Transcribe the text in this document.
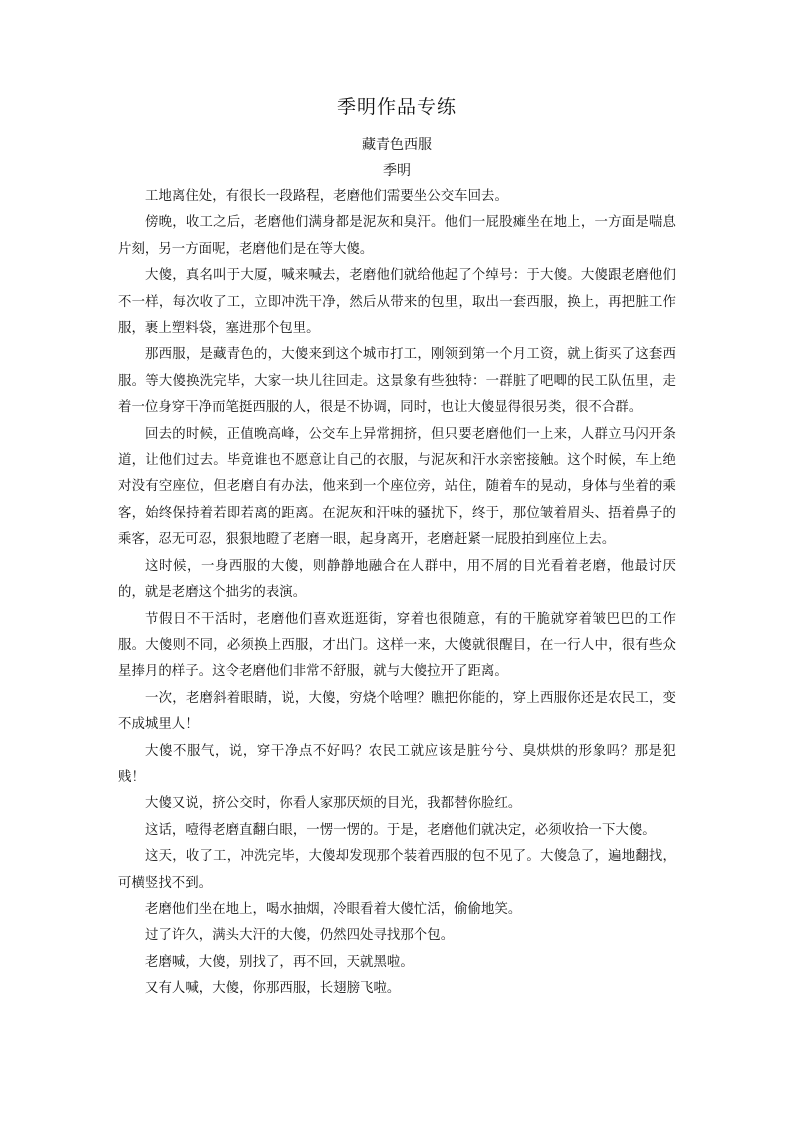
季明作品专练
藏青色西服
季明

工地离住处，有很长一段路程，老磨他们需要坐公交车回去。

傍晚，收工之后，老磨他们满身都是泥灰和臭汗。他们一屁股瘫坐在地上，一方面是喘息片刻，另一方面呢，老磨他们是在等大傻。

大傻，真名叫于大厦，喊来喊去，老磨他们就给他起了个绰号：于大傻。大傻跟老磨他们不一样，每次收了工，立即冲洗干净，然后从带来的包里，取出一套西服，换上，再把脏工作服，裹上塑料袋，塞进那个包里。

那西服，是藏青色的，大傻来到这个城市打工，刚领到第一个月工资，就上街买了这套西服。等大傻换洗完毕，大家一块儿往回走。这景象有些独特：一群脏了吧唧的民工队伍里，走着一位身穿干净而笔挺西服的人，很是不协调，同时，也让大傻显得很另类，很不合群。

回去的时候，正值晚高峰，公交车上异常拥挤，但只要老磨他们一上来，人群立马闪开条道，让他们过去。毕竟谁也不愿意让自己的衣服，与泥灰和汗水亲密接触。这个时候，车上绝对没有空座位，但老磨自有办法，他来到一个座位旁，站住，随着车的晃动，身体与坐着的乘客，始终保持着若即若离的距离。在泥灰和汗味的骚扰下，终于，那位皱着眉头、捂着鼻子的乘客，忍无可忍，狠狠地瞪了老磨一眼，起身离开，老磨赶紧一屁股拍到座位上去。

这时候，一身西服的大傻，则静静地融合在人群中，用不屑的目光看着老磨，他最讨厌的，就是老磨这个拙劣的表演。

节假日不干活时，老磨他们喜欢逛逛街，穿着也很随意，有的干脆就穿着皱巴巴的工作服。大傻则不同，必须换上西服，才出门。这样一来，大傻就很醒目，在一行人中，很有些众星捧月的样子。这令老磨他们非常不舒服，就与大傻拉开了距离。

一次，老磨斜着眼睛，说，大傻，穷烧个啥哩？瞧把你能的，穿上西服你还是农民工，变不成城里人！

大傻不服气，说，穿干净点不好吗？农民工就应该是脏兮兮、臭烘烘的形象吗？那是犯贱！

大傻又说，挤公交时，你看人家那厌烦的目光，我都替你脸红。

这话，噎得老磨直翻白眼，一愣一愣的。于是，老磨他们就决定，必须收拾一下大傻。

这天，收了工，冲洗完毕，大傻却发现那个装着西服的包不见了。大傻急了，遍地翻找，可横竖找不到。

老磨他们坐在地上，喝水抽烟，冷眼看着大傻忙活，偷偷地笑。

过了许久，满头大汗的大傻，仍然四处寻找那个包。

老磨喊，大傻，别找了，再不回，天就黑啦。

又有人喊，大傻，你那西服，长翅膀飞啦。
